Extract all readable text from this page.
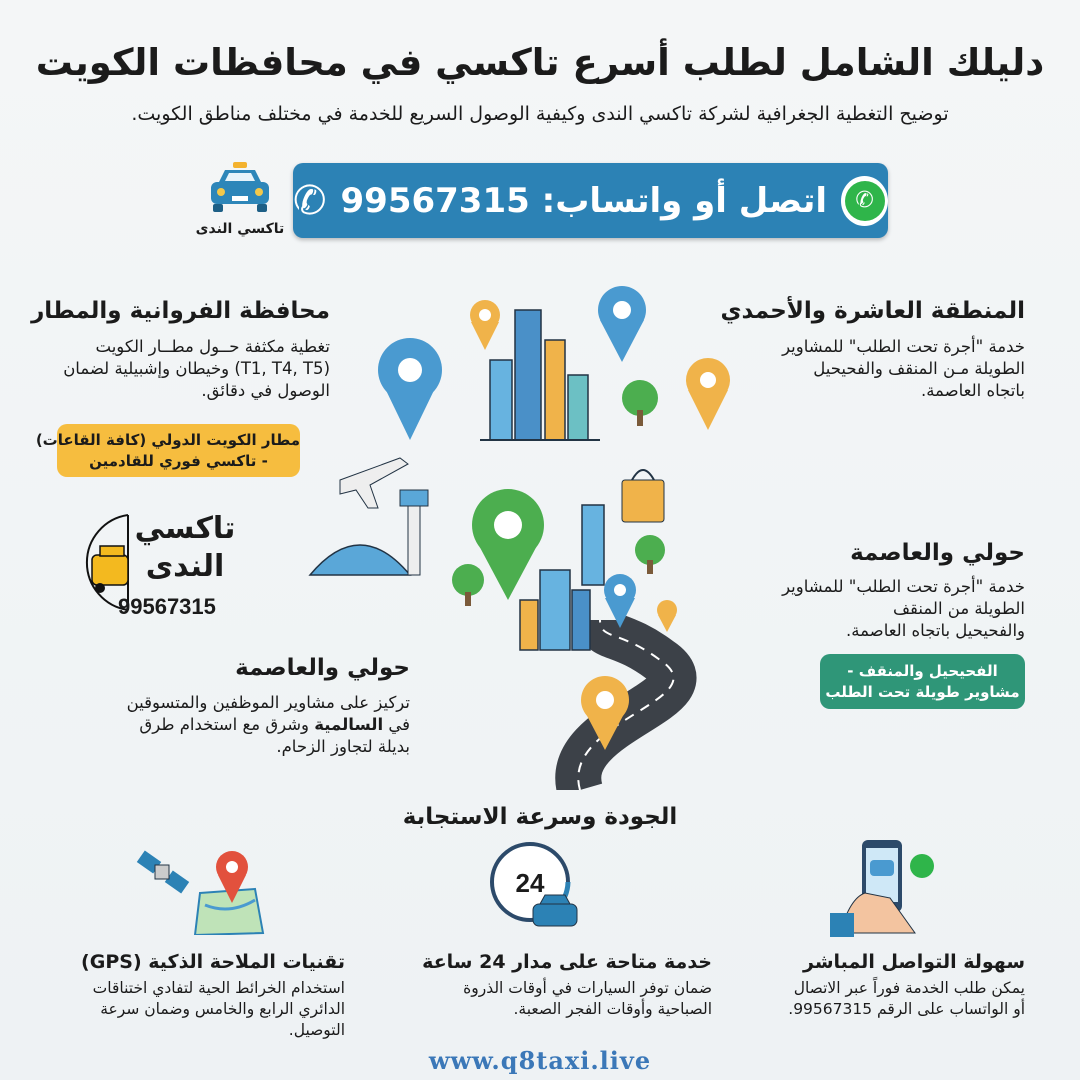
دليلك الشامل لطلب أسرع تاكسي في محافظات الكويت
توضيح التغطية الجغرافية لشركة تاكسي الندى وكيفية الوصول السريع للخدمة في مختلف مناطق الكويت.
تاكسي الندى
✆
اتصل أو واتساب: 99567315
✆
المنطقة العاشرة والأحمدي
خدمة "أجرة تحت الطلب" للمشاوير
الطويلة مـن المنقف والفحيحيل
باتجاه العاصمة.
محافظة الفروانية والمطار
تغطية مكثفة حــول مطــار الكويت
(T1, T4, T5) وخيطان وإشبيلية لضمان
الوصول في دقائق.
مطار الكويت الدولي (كافة القاعات)
- تاكسي فوري للقادمين
تاكسي
الندى
99567315
حولي والعاصمة
خدمة "أجرة تحت الطلب" للمشاوير
الطويلة من المنقف
والفحيحيل باتجاه العاصمة.
الفحيحيل والمنقف -
مشاوير طويلة تحت الطلب
حولي والعاصمة
تركيز على مشاوير الموظفين والمتسوقين
في السالمية وشرق مع استخدام طرق
بديلة لتجاوز الزحام.
الجودة وسرعة الاستجابة
24
سهولة التواصل المباشر
يمكن طلب الخدمة فوراً عبر الاتصال
أو الواتساب على الرقم 99567315.
خدمة متاحة على مدار 24 ساعة
ضمان توفر السيارات في أوقات الذروة
الصباحية وأوقات الفجر الصعبة.
تقنيات الملاحة الذكية (GPS)
استخدام الخرائط الحية لتفادي اختناقات
الدائري الرابع والخامس وضمان سرعة
التوصيل.
www.q8taxi.live
